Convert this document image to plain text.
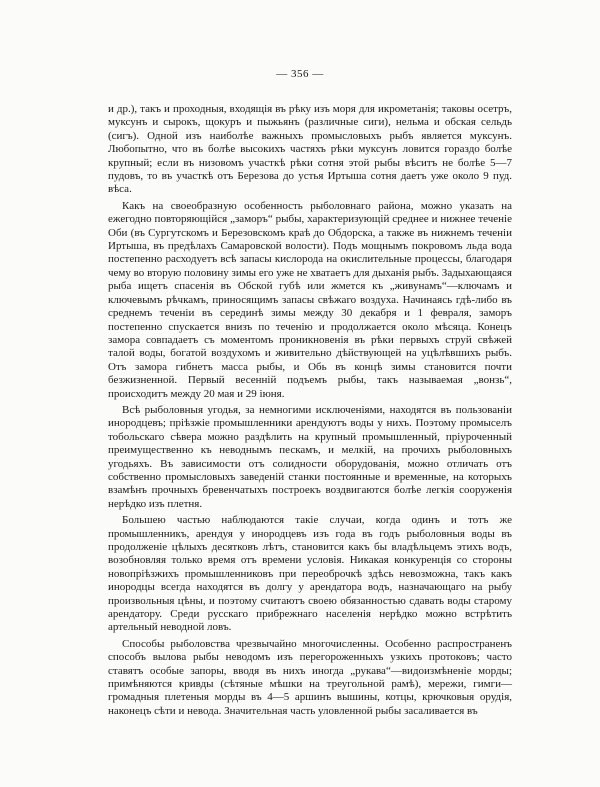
— 356 —

и др.), такъ и проходныя, входящія въ рѣку изъ моря для икрометанія; таковы осетръ, муксунъ и сырокъ, щокуръ и пыжьянъ (различные сиги), нельма и обская сельдь (сигъ). Одной изъ наиболѣе важныхъ промысловыхъ рыбъ является муксунъ. Любопытно, что въ болѣе высокихъ частяхъ рѣки муксунъ ловится гораздо болѣе крупный; если въ низовомъ участкѣ рѣки сотня этой рыбы вѣситъ не болѣе 5—7 пудовъ, то въ участкѣ отъ Березова до устья Иртыша сотня даетъ уже около 9 пуд. вѣса.

Какъ на своеобразную особенность рыболовнаго района, можно указать на ежегодно повторяющійся „заморъ“ рыбы, характеризующій среднее и нижнее теченіе Оби (въ Сургутскомъ и Березовскомъ краѣ до Обдорска, а также въ нижнемъ теченіи Иртыша, въ предѣлахъ Самаровской волости). Подъ мощнымъ покровомъ льда вода постепенно расходуетъ всѣ запасы кислорода на окислительные процессы, благодаря чему во вторую половину зимы его уже не хватаетъ для дыханія рыбъ. Задыхающаяся рыба ищетъ спасенія въ Обской губѣ или жмется къ „живунамъ“—ключамъ и ключевымъ рѣчкамъ, приносящимъ запасы свѣжаго воздуха. Начинаясь гдѣ-либо въ среднемъ теченіи въ серединѣ зимы между 30 декабря и 1 февраля, заморъ постепенно спускается внизъ по теченію и продолжается около мѣсяца. Конецъ замора совпадаетъ съ моментомъ проникновенія въ рѣки первыхъ струй свѣжей талой воды, богатой воздухомъ и живительно дѣйствующей на уцѣлѣвшихъ рыбъ. Отъ замора гибнетъ масса рыбы, и Обь въ концѣ зимы становится почти безжизненной. Первый весенній подъемъ рыбы, такъ называемая „вонзь“, происходитъ между 20 мая и 29 іюня.

Всѣ рыболовныя угодья, за немногими исключеніями, находятся въ пользованіи инородцевъ; пріѣзжіе промышленники арендуютъ воды у нихъ. Поэтому промыселъ тобольскаго сѣвера можно раздѣлить на крупный промышленный, пріуроченный преимущественно къ неводнымъ пескамъ, и мелкій, на прочихъ рыболовныхъ угодьяхъ. Въ зависимости отъ солидности оборудованія, можно отличать отъ собственно промысловыхъ заведеній станки постоянные и временные, на которыхъ взамѣнъ прочныхъ бревенчатыхъ построекъ воздвигаются болѣе легкія сооруженія нерѣдко изъ плетня.

Большею частью наблюдаются такіе случаи, когда одинъ и тотъ же промышленникъ, арендуя у инородцевъ изъ года въ годъ рыболовныя воды въ продолженіе цѣлыхъ десятковъ лѣтъ, становится какъ бы владѣльцемъ этихъ водъ, возобновляя только время отъ времени условія. Никакая конкуренція со стороны новопріѣзжихъ промышленниковъ при переоброчкѣ здѣсь невозможна, такъ какъ инородцы всегда находятся въ долгу у арендатора водъ, назначающаго на рыбу произвольныя цѣны, и поэтому считаютъ своею обязанностью сдавать воды старому арендатору. Среди русскаго прибрежнаго населенія нерѣдко можно встрѣтить артельный неводной ловъ.

Способы рыболовства чрезвычайно многочисленны. Особенно распространенъ способъ вылова рыбы неводомъ изъ перегороженныхъ узкихъ протоковъ; часто ставятъ особые запоры, вводя въ нихъ иногда „рукава“—видоизмѣненіе морды; примѣняются кривды (сѣтяные мѣшки на треугольной рамѣ), мережи, гимги—громадныя плетеныя морды въ 4—5 аршинъ вышины, котцы, крючковыя орудія, наконецъ сѣти и невода. Значительная часть уловленной рыбы засаливается въ
